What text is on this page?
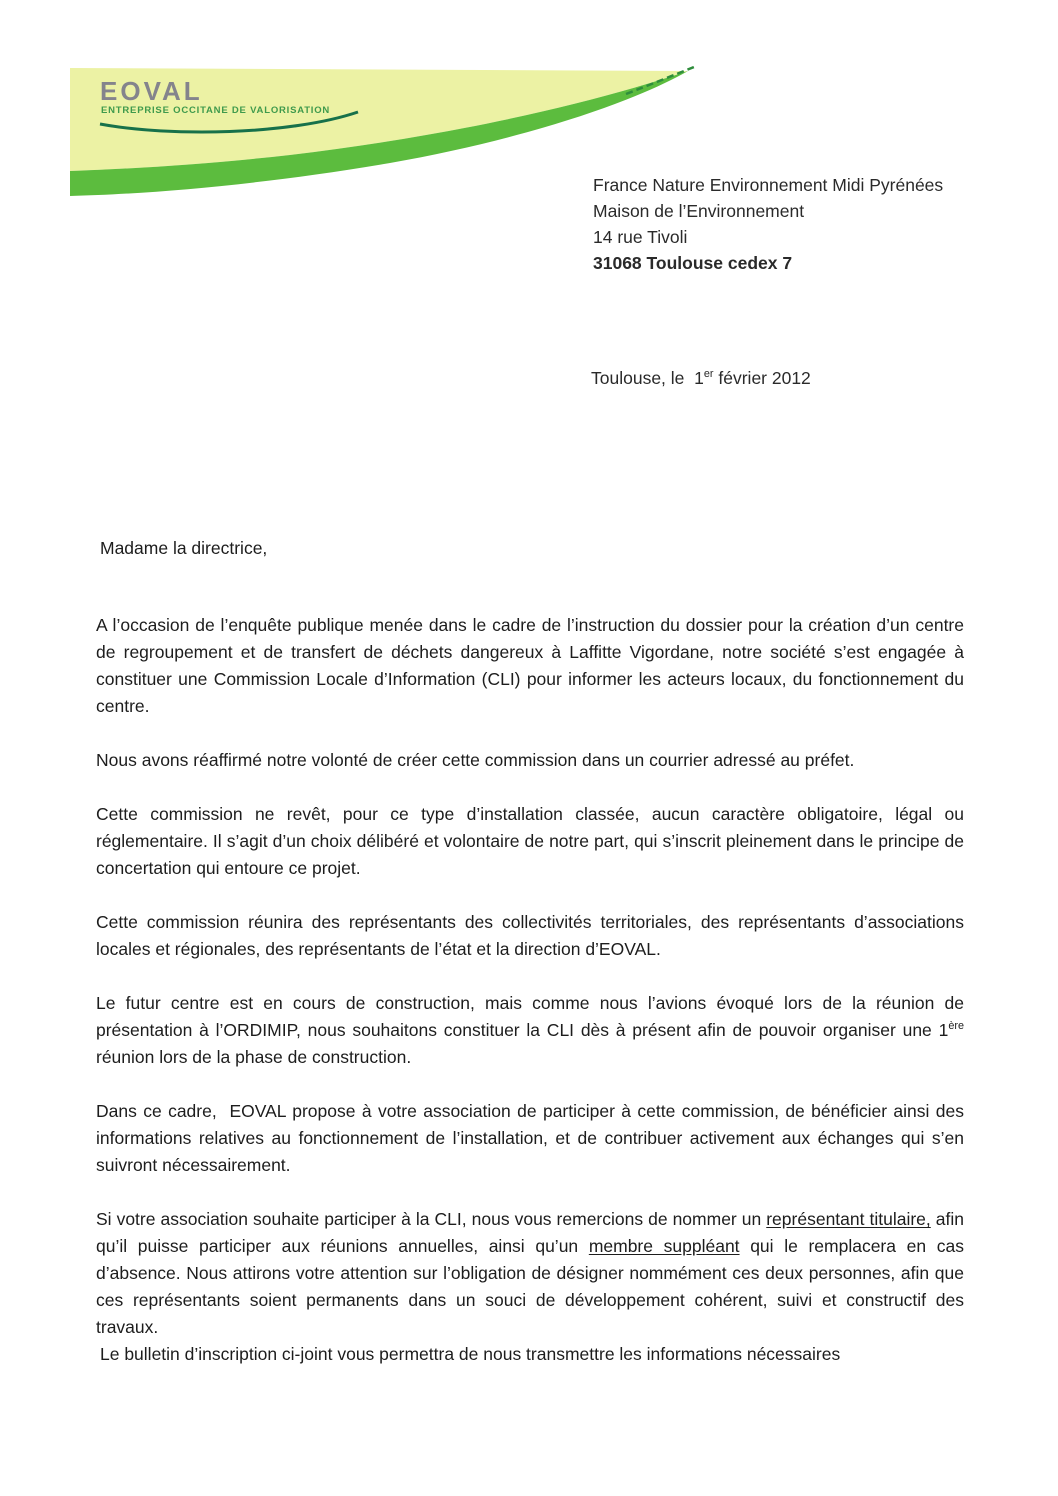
EOVAL
ENTREPRISE OCCITANE DE VALORISATION
France Nature Environnement Midi Pyrénées
Maison de l’Environnement
14 rue Tivoli
31068 Toulouse cedex 7
Toulouse, le  1er février 2012

Madame la directrice,

A l’occasion de l’enquête publique menée dans le cadre de l’instruction du dossier pour la création d’un centre de regroupement et de transfert de déchets dangereux à Laffitte Vigordane, notre société s’est engagée à constituer une Commission Locale d’Information (CLI) pour informer les acteurs locaux, du fonctionnement du centre.

Nous avons réaffirmé notre volonté de créer cette commission dans un courrier adressé au préfet.

Cette commission ne revêt, pour ce type d’installation classée, aucun caractère obligatoire, légal ou réglementaire. Il s’agit d’un choix délibéré et volontaire de notre part, qui s’inscrit pleinement dans le principe de concertation qui entoure ce projet.

Cette commission réunira des représentants des collectivités territoriales, des représentants d’associations locales et régionales, des représentants de l’état et la direction d’EOVAL.

Le futur centre est en cours de construction, mais comme nous l’avions évoqué lors de la réunion de présentation à l’ORDIMIP, nous souhaitons constituer la CLI dès à présent afin de pouvoir organiser une 1ère réunion lors de la phase de construction.

Dans ce cadre,  EOVAL propose à votre association de participer à cette commission, de bénéficier ainsi des informations relatives au fonctionnement de l’installation, et de contribuer activement aux échanges qui s’en suivront nécessairement.

Si votre association souhaite participer à la CLI, nous vous remercions de nommer un représentant titulaire, afin qu’il puisse participer aux réunions annuelles, ainsi qu’un membre suppléant qui le remplacera en cas d’absence. Nous attirons votre attention sur l’obligation de désigner nommément ces deux personnes, afin que ces représentants soient permanents dans un souci de développement cohérent, suivi et constructif des travaux.

Le bulletin d’inscription ci-joint vous permettra de nous transmettre les informations nécessaires
